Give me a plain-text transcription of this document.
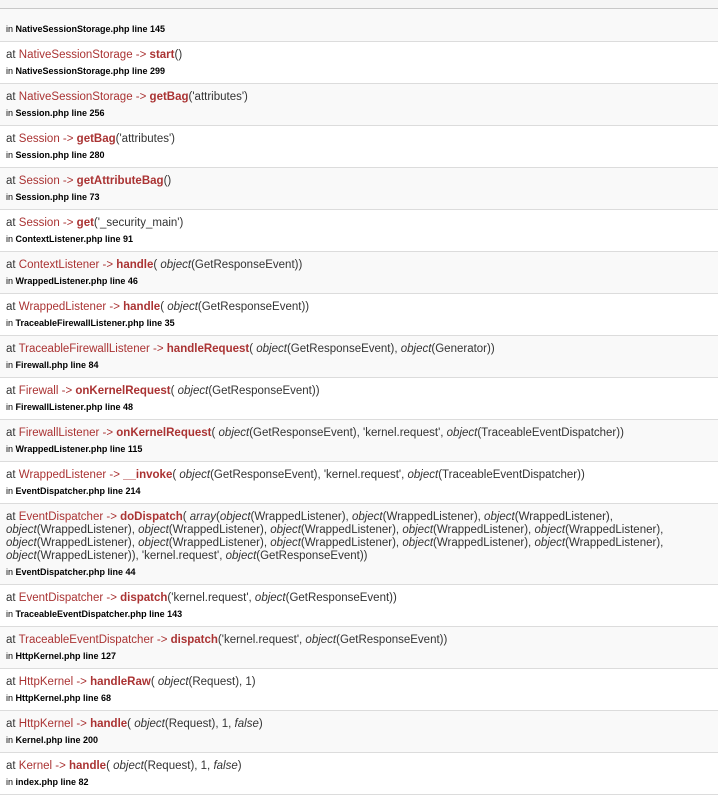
in NativeSessionStorage.php line 145
at NativeSessionStorage -> start()
in NativeSessionStorage.php line 299
at NativeSessionStorage -> getBag('attributes')
in Session.php line 256
at Session -> getBag('attributes')
in Session.php line 280
at Session -> getAttributeBag()
in Session.php line 73
at Session -> get('_security_main')
in ContextListener.php line 91
at ContextListener -> handle( object(GetResponseEvent))
in WrappedListener.php line 46
at WrappedListener -> handle( object(GetResponseEvent))
in TraceableFirewallListener.php line 35
at TraceableFirewallListener -> handleRequest( object(GetResponseEvent), object(Generator))
in Firewall.php line 84
at Firewall -> onKernelRequest( object(GetResponseEvent))
in FirewallListener.php line 48
at FirewallListener -> onKernelRequest( object(GetResponseEvent), 'kernel.request', object(TraceableEventDispatcher))
in WrappedListener.php line 115
at WrappedListener -> __invoke( object(GetResponseEvent), 'kernel.request', object(TraceableEventDispatcher))
in EventDispatcher.php line 214
at EventDispatcher -> doDispatch( array(object(WrappedListener), object(WrappedListener), object(WrappedListener), object(WrappedListener), object(WrappedListener), object(WrappedListener), object(WrappedListener), object(WrappedListener), object(WrappedListener), object(WrappedListener), object(WrappedListener), object(WrappedListener), object(WrappedListener), object(WrappedListener)), 'kernel.request', object(GetResponseEvent))
in EventDispatcher.php line 44
at EventDispatcher -> dispatch('kernel.request', object(GetResponseEvent))
in TraceableEventDispatcher.php line 143
at TraceableEventDispatcher -> dispatch('kernel.request', object(GetResponseEvent))
in HttpKernel.php line 127
at HttpKernel -> handleRaw( object(Request), 1)
in HttpKernel.php line 68
at HttpKernel -> handle( object(Request), 1, false)
in Kernel.php line 200
at Kernel -> handle( object(Request), 1, false)
in index.php line 82
